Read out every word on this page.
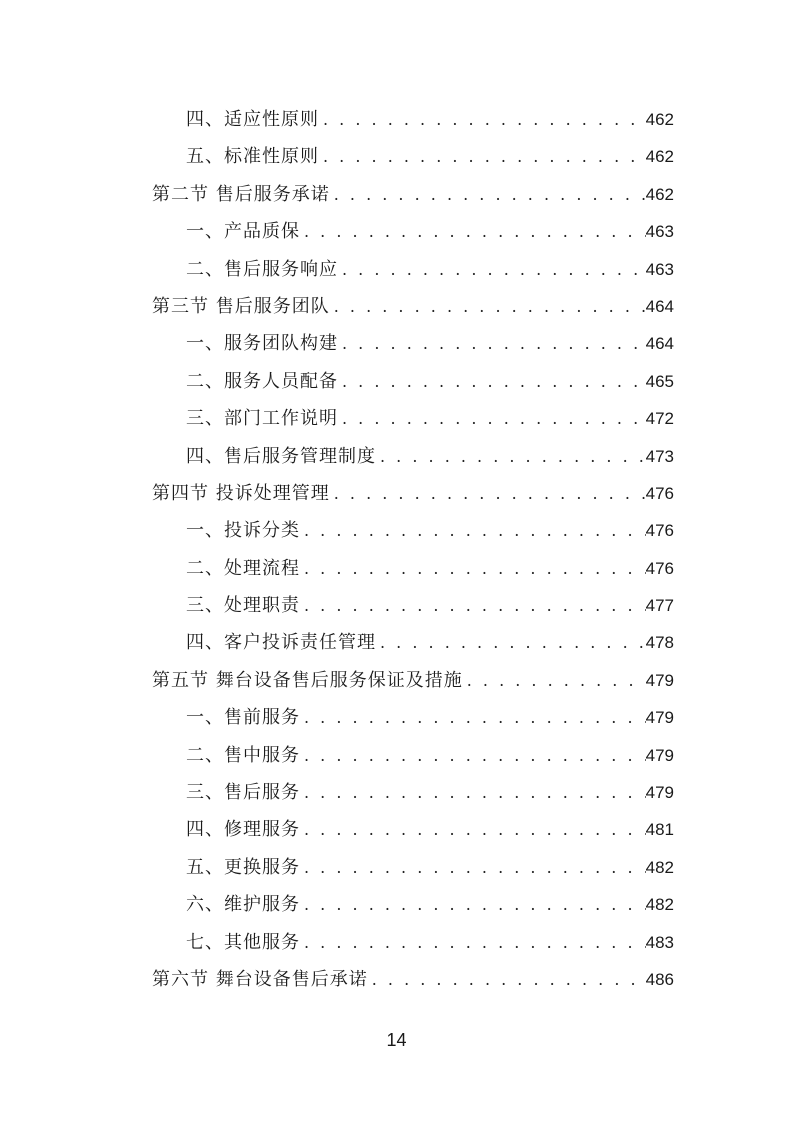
四、适应性原则 . . .	462
五、标准性原则 . . .	462
第二节 售后服务承诺 . . .	462
一、产品质保 . . .	463
二、售后服务响应 . . .	463
第三节 售后服务团队 . . .	464
一、服务团队构建 . . .	464
二、服务人员配备 . . .	465
三、部门工作说明 . . .	472
四、售后服务管理制度 . . .	473
第四节 投诉处理管理 . . .	476
一、投诉分类 . . .	476
二、处理流程 . . .	476
三、处理职责 . . .	477
四、客户投诉责任管理 . . .	478
第五节 舞台设备售后服务保证及措施 . . .	479
一、售前服务 . . .	479
二、售中服务 . . .	479
三、售后服务 . . .	479
四、修理服务 . . .	481
五、更换服务 . . .	482
六、维护服务 . . .	482
七、其他服务 . . .	483
第六节 舞台设备售后承诺 . . .	486
14
